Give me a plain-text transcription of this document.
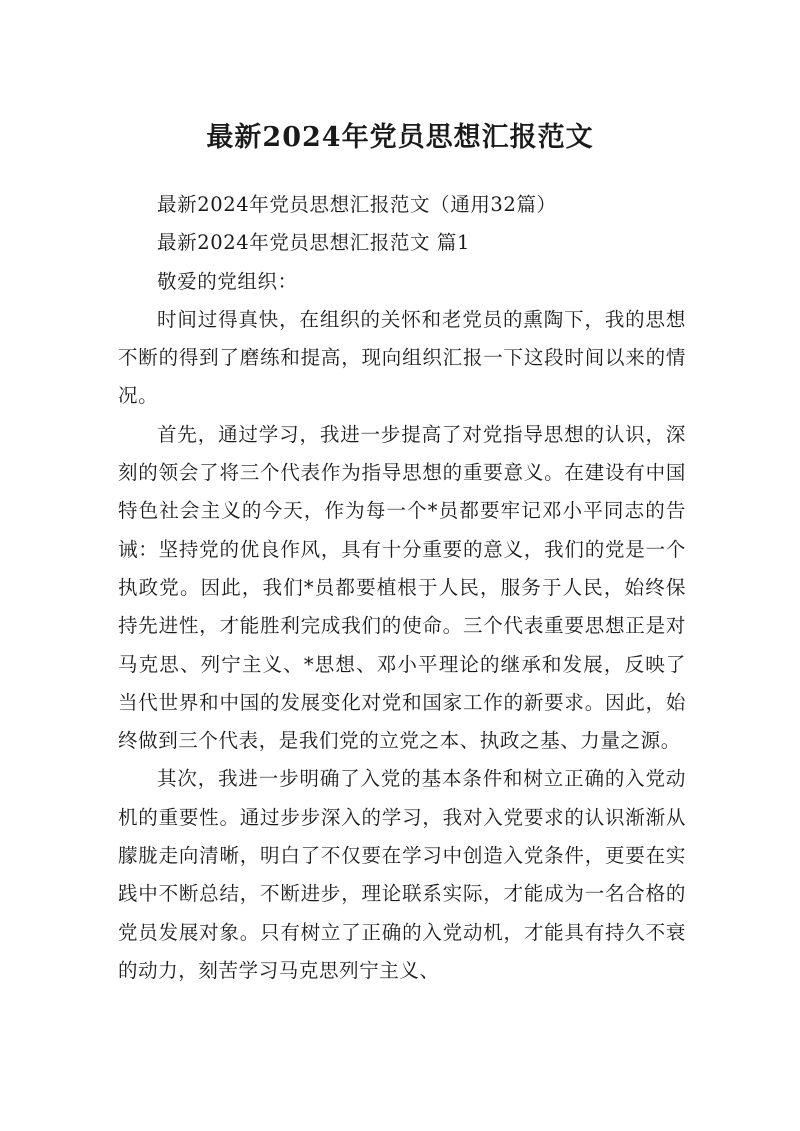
最新2024年党员思想汇报范文

最新2024年党员思想汇报范文（通用32篇）

最新2024年党员思想汇报范文 篇1

敬爱的党组织：

时间过得真快，在组织的关怀和老党员的熏陶下，我的思想不断的得到了磨练和提高，现向组织汇报一下这段时间以来的情况。

首先，通过学习，我进一步提高了对党指导思想的认识，深刻的领会了将三个代表作为指导思想的重要意义。在建设有中国特色社会主义的今天，作为每一个*员都要牢记邓小平同志的告诫：坚持党的优良作风，具有十分重要的意义，我们的党是一个执政党。因此，我们*员都要植根于人民，服务于人民，始终保持先进性，才能胜利完成我们的使命。三个代表重要思想正是对马克思、列宁主义、*思想、邓小平理论的继承和发展，反映了当代世界和中国的发展变化对党和国家工作的新要求。因此，始终做到三个代表，是我们党的立党之本、执政之基、力量之源。

其次，我进一步明确了入党的基本条件和树立正确的入党动机的重要性。通过步步深入的学习，我对入党要求的认识渐渐从朦胧走向清晰，明白了不仅要在学习中创造入党条件，更要在实践中不断总结，不断进步，理论联系实际，才能成为一名合格的党员发展对象。只有树立了正确的入党动机，才能具有持久不衰的动力，刻苦学习马克思列宁主义、
